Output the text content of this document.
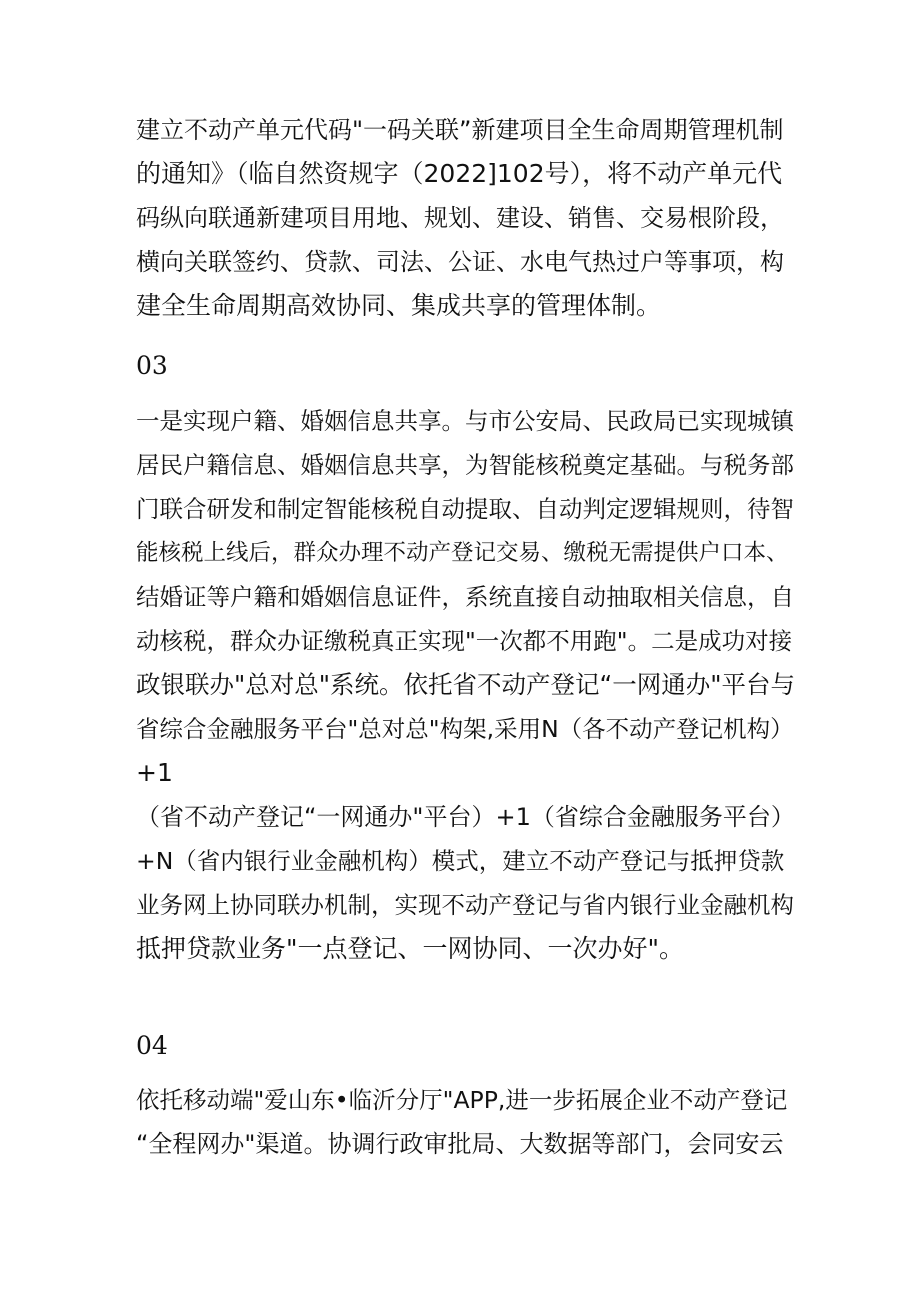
建立不动产单元代码"一码关联”新建项目全生命周期管理机制
的通知》（临自然资规字（2022]102号），将不动产单元代
码纵向联通新建项目用地、规划、建设、销售、交易根阶段，
横向关联签约、贷款、司法、公证、水电气热过户等事项，构
建全生命周期高效协同、集成共享的管理体制。
03
一是实现户籍、婚姻信息共享。与市公安局、民政局已实现城镇
居民户籍信息、婚姻信息共享，为智能核税奠定基础。与税务部
门联合研发和制定智能核税自动提取、自动判定逻辑规则，待智
能核税上线后，群众办理不动产登记交易、缴税无需提供户口本、
结婚证等户籍和婚姻信息证件，系统直接自动抽取相关信息，自
动核税，群众办证缴税真正实现"一次都不用跑"。二是成功对接
政银联办"总对总"系统。依托省不动产登记“一网通办"平台与
省综合金融服务平台"总对总"构架,采用N（各不动产登记机构）
+1
（省不动产登记“一网通办"平台）+1（省综合金融服务平台）
+N（省内银行业金融机构）模式，建立不动产登记与抵押贷款
业务网上协同联办机制，实现不动产登记与省内银行业金融机构
抵押贷款业务"一点登记、一网协同、一次办好"。
04
依托移动端"爱山东•临沂分厅"APP,进一步拓展企业不动产登记
“全程网办"渠道。协调行政审批局、大数据等部门，会同安云
